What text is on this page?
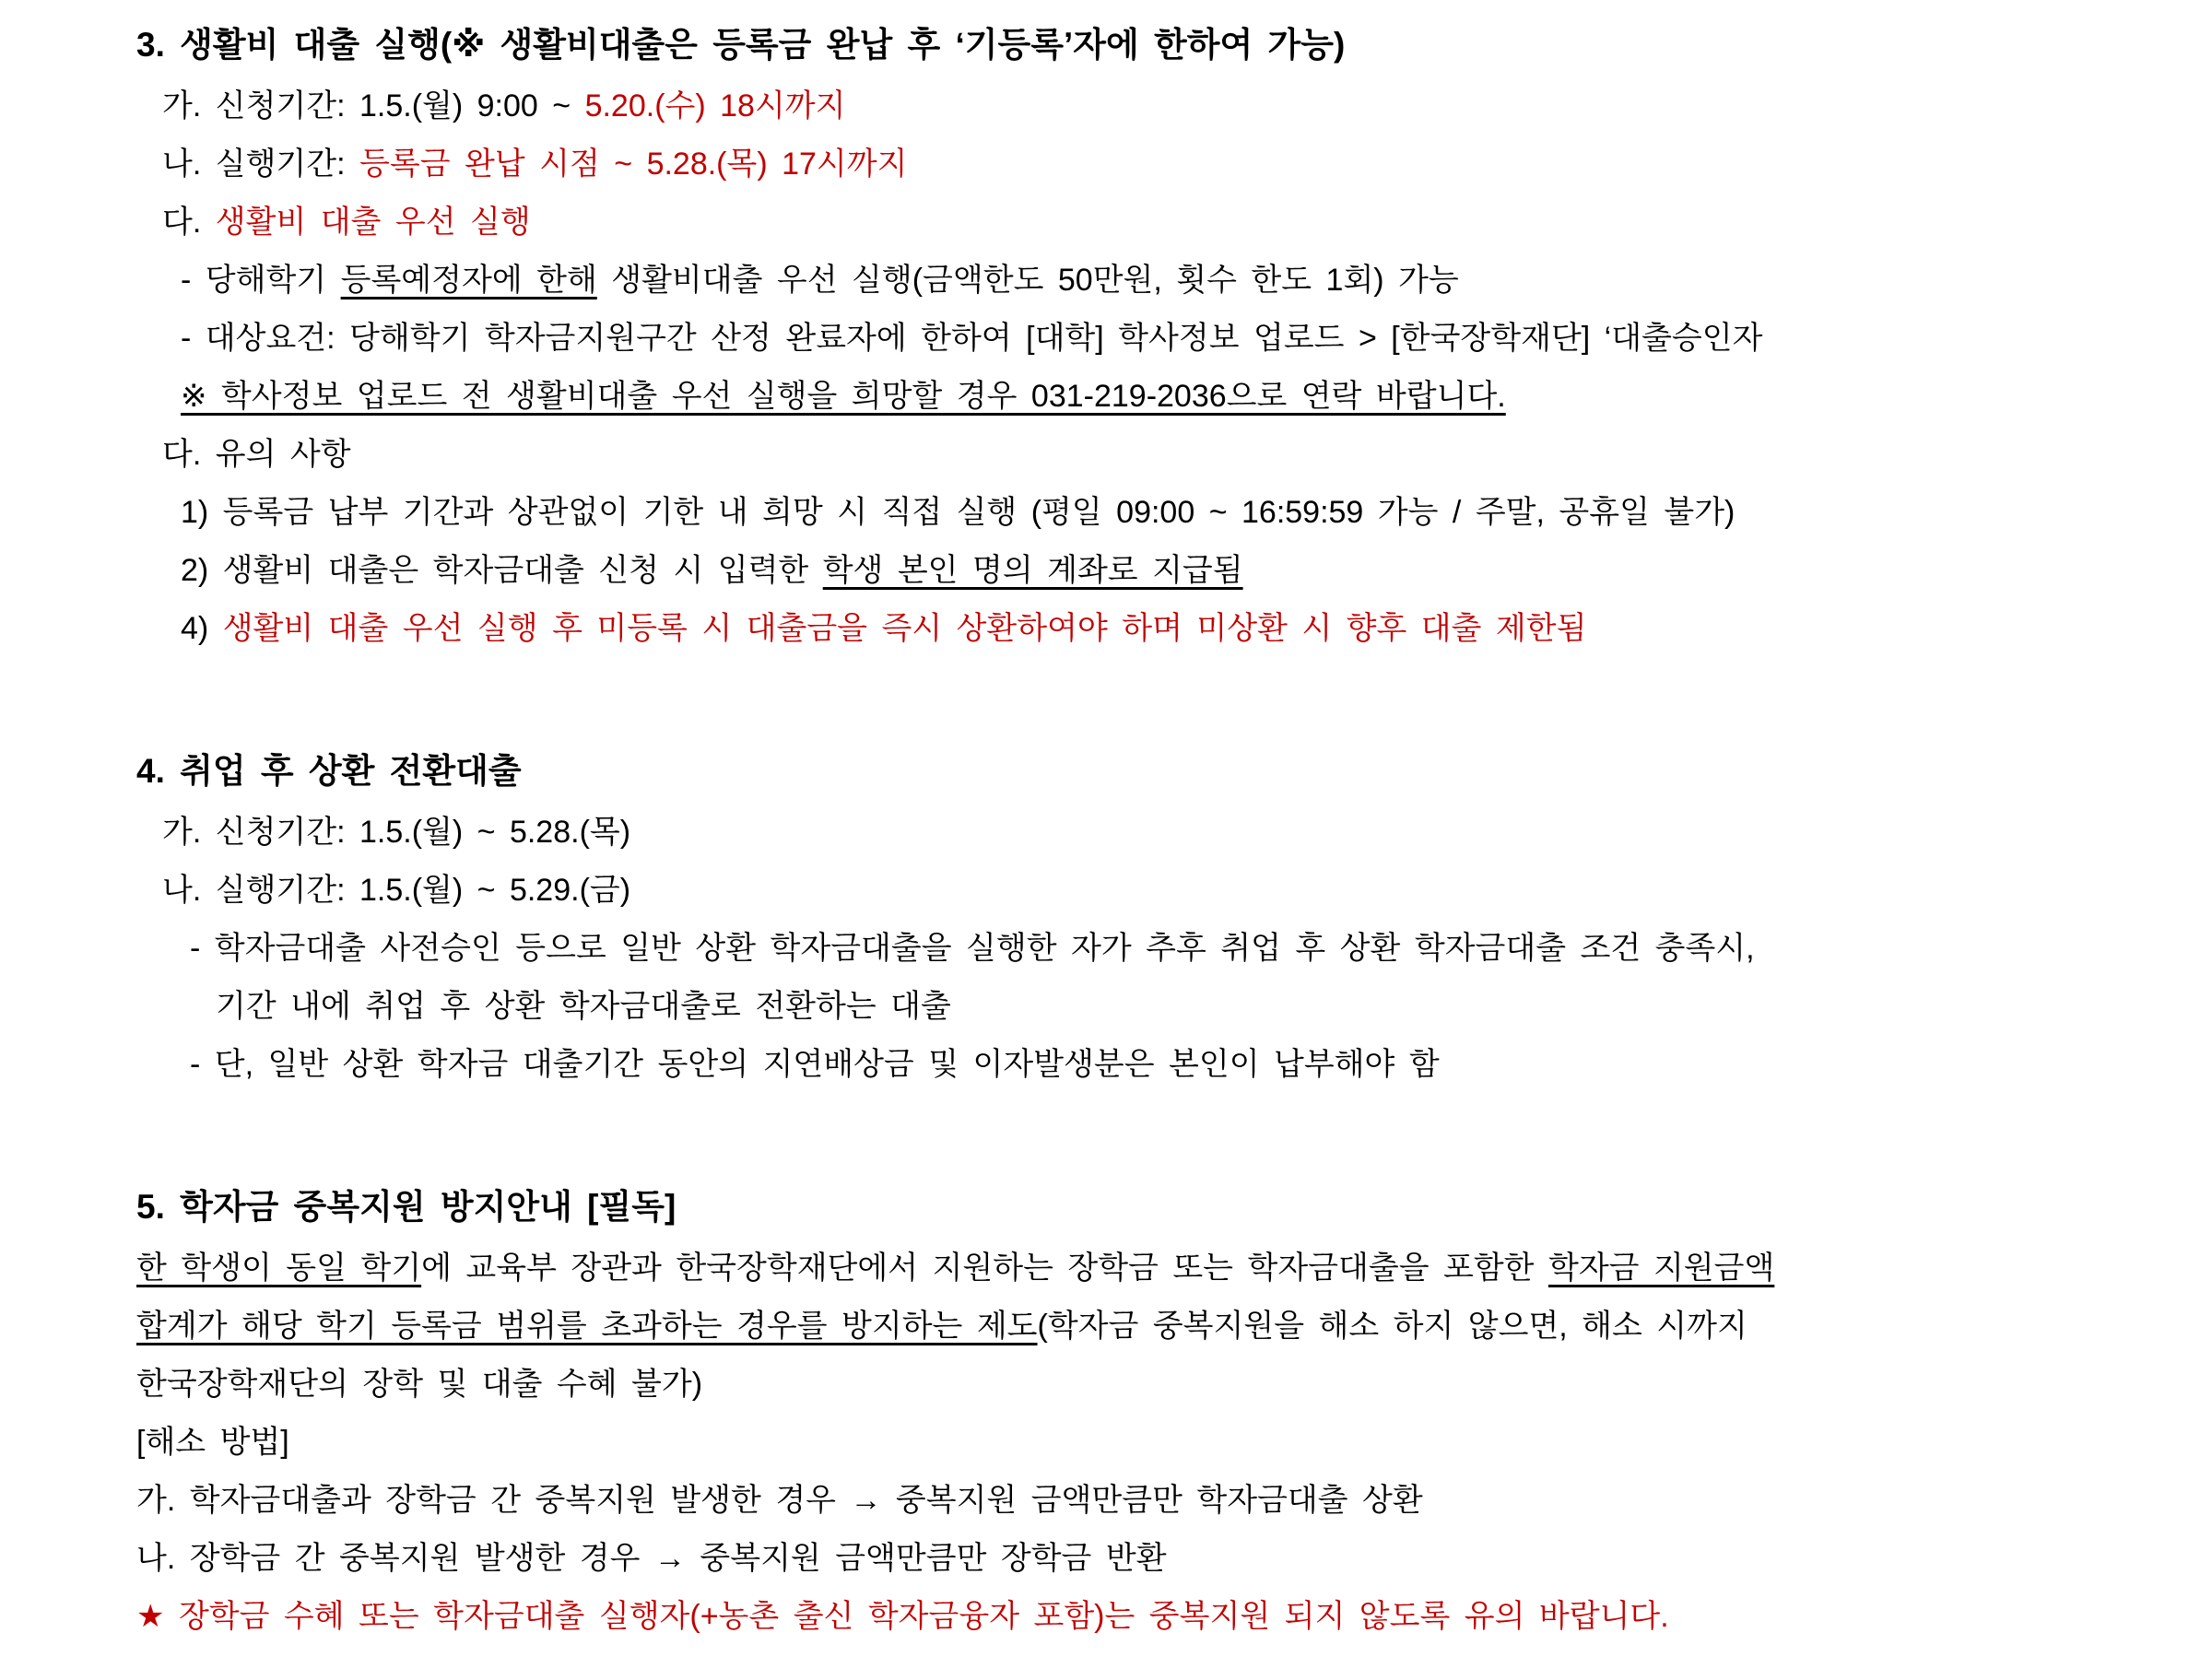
3. 생활비 대출 실행(※ 생활비대출은 등록금 완납 후 ‘기등록’자에 한하여 가능)
가. 신청기간: 1.5.(월) 9:00 ~ 5.20.(수) 18시까지
나. 실행기간: 등록금 완납 시점 ~ 5.28.(목) 17시까지
다. 생활비 대출 우선 실행
- 당해학기 등록예정자에 한해 생활비대출 우선 실행(금액한도 50만원, 횟수 한도 1회) 가능
- 대상요건: 당해학기 학자금지원구간 산정 완료자에 한하여 [대학] 학사정보 업로드 > [한국장학재단] ‘대출승인자
※ 학사정보 업로드 전 생활비대출 우선 실행을 희망할 경우 031-219-2036으로 연락 바랍니다.
다. 유의 사항
1) 등록금 납부 기간과 상관없이 기한 내 희망 시 직접 실행 (평일 09:00 ~ 16:59:59 가능 / 주말, 공휴일 불가)
2) 생활비 대출은 학자금대출 신청 시 입력한 학생 본인 명의 계좌로 지급됨
4) 생활비 대출 우선 실행 후 미등록 시 대출금을 즉시 상환하여야 하며 미상환 시 향후 대출 제한됨
4. 취업 후 상환 전환대출
가. 신청기간: 1.5.(월) ~ 5.28.(목)
나. 실행기간: 1.5.(월) ~ 5.29.(금)
- 학자금대출 사전승인 등으로 일반 상환 학자금대출을 실행한 자가 추후 취업 후 상환 학자금대출 조건 충족시,
기간 내에 취업 후 상환 학자금대출로 전환하는 대출
- 단, 일반 상환 학자금 대출기간 동안의 지연배상금 및 이자발생분은 본인이 납부해야 함
5. 학자금 중복지원 방지안내 [필독]
한 학생이 동일 학기에 교육부 장관과 한국장학재단에서 지원하는 장학금 또는 학자금대출을 포함한 학자금 지원금액
합계가 해당 학기 등록금 범위를 초과하는 경우를 방지하는 제도(학자금 중복지원을 해소 하지 않으면, 해소 시까지
한국장학재단의 장학 및 대출 수혜 불가)
[해소 방법]
가. 학자금대출과 장학금 간 중복지원 발생한 경우 → 중복지원 금액만큼만 학자금대출 상환
나. 장학금 간 중복지원 발생한 경우 → 중복지원 금액만큼만 장학금 반환
★ 장학금 수혜 또는 학자금대출 실행자(+농촌 출신 학자금융자 포함)는 중복지원 되지 않도록 유의 바랍니다.
